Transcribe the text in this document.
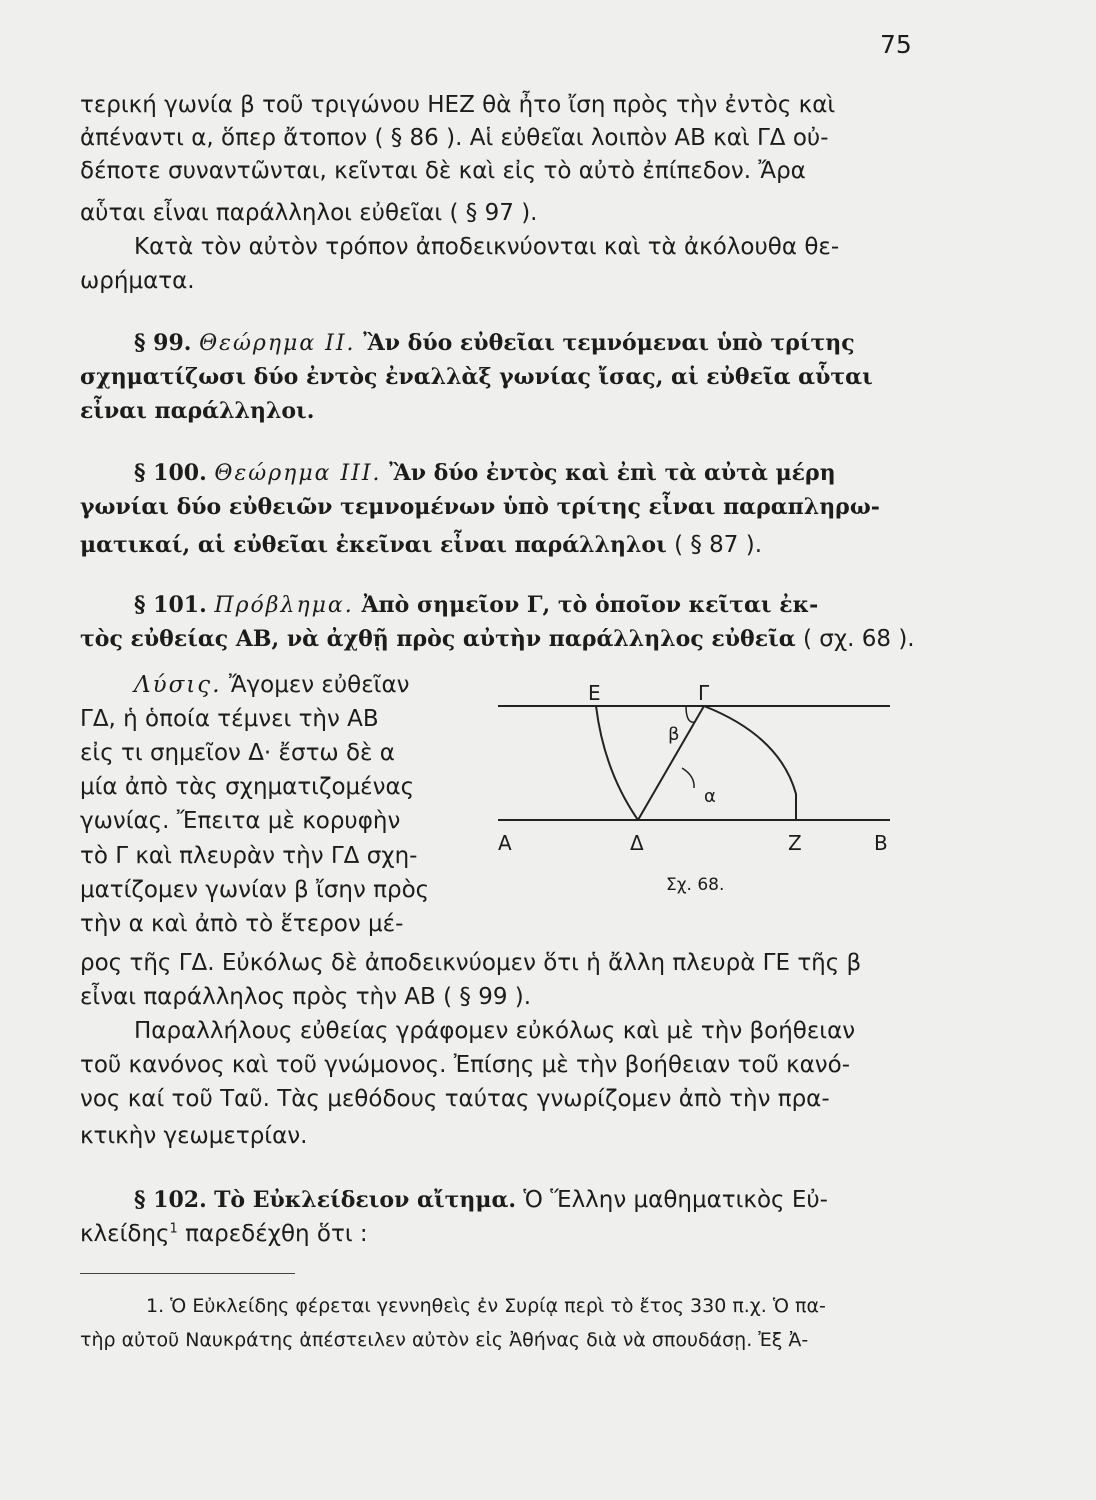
75
τερική γωνία β τοῦ τριγώνου HEZ θὰ ἦτο ἴση πρὸς τὴν ἐντὸς καὶ
ἀπέναντι α, ὅπερ ἄτοπον ( § 86 ). Αἱ εὐθεῖαι λοιπὸν AB καὶ ΓΔ οὐ-
δέποτε συναντῶνται, κεῖνται δὲ καὶ εἰς τὸ αὐτὸ ἐπίπεδον. Ἄρα
αὗται εἶναι παράλληλοι εὐθεῖαι ( § 97 ).
Κατὰ τὸν αὐτὸν τρόπον ἀποδεικνύονται καὶ τὰ ἀκόλουθα θε-
ωρήματα.
§ 99. Θεώρημα II. Ἂν δύο εὐθεῖαι τεμνόμεναι ὑπὸ τρίτης
σχηματίζωσι δύο ἐντὸς ἐναλλὰξ γωνίας ἴσας, αἱ εὐθεῖα αὗται
εἶναι παράλληλοι.
§ 100. Θεώρημα III. Ἂν δύο ἐντὸς καὶ ἐπὶ τὰ αὐτὰ μέρη
γωνίαι δύο εὐθειῶν τεμνομένων ὑπὸ τρίτης εἶναι παραπληρω-
ματικαί, αἱ εὐθεῖαι ἐκεῖναι εἶναι παράλληλοι ( § 87 ).
§ 101. Πρόβλημα. Ἀπὸ σημεῖον Γ, τὸ ὁποῖον κεῖται ἐκ-
τὸς εὐθείας AB, νὰ ἀχθῇ πρὸς αὐτὴν παράλληλος εὐθεῖα ( σχ. 68 ).
Λύσις. Ἄγομεν εὐθεῖαν
ΓΔ, ἡ ὁποία τέμνει τὴν AB
εἰς τι σημεῖον Δ· ἔστω δὲ α
μία ἀπὸ τὰς σχηματιζομένας
γωνίας. Ἔπειτα μὲ κορυφὴν
τὸ Γ καὶ πλευρὰν τὴν ΓΔ σχη-
ματίζομεν γωνίαν β ἴσην πρὸς
τὴν α καὶ ἀπὸ τὸ ἕτερον μέ-
ρος τῆς ΓΔ. Εὐκόλως δὲ ἀποδεικνύομεν ὅτι ἡ ἄλλη πλευρὰ ΓΕ τῆς β
εἶναι παράλληλος πρὸς τὴν AB ( § 99 ).
E	Γ
β
α
A	Δ	Z	B
Σχ. 68.
Παραλλήλους εὐθείας γράφομεν εὐκόλως καὶ μὲ τὴν βοήθειαν
τοῦ κανόνος καὶ τοῦ γνώμονος. Ἐπίσης μὲ τὴν βοήθειαν τοῦ κανό-
νος καί τοῦ Ταῦ. Τὰς μεθόδους ταύτας γνωρίζομεν ἀπὸ τὴν πρα-
κτικὴν γεωμετρίαν.
§ 102. Τὸ Εὐκλείδειον αἴτημα. Ὁ Ἕλλην μαθηματικὸς Εὐ-
κλείδης$^1$ παρεδέχθη ὅτι :
1. Ὁ Εὐκλείδης φέρεται γεννηθεὶς ἐν Συρίᾳ περὶ τὸ ἔτος 330 π.χ. Ὁ πα-
τὴρ αὐτοῦ Ναυκράτης ἀπέστειλεν αὐτὸν εἰς Ἀθήνας διὰ νὰ σπουδάσῃ. Ἐξ Ἀ-
